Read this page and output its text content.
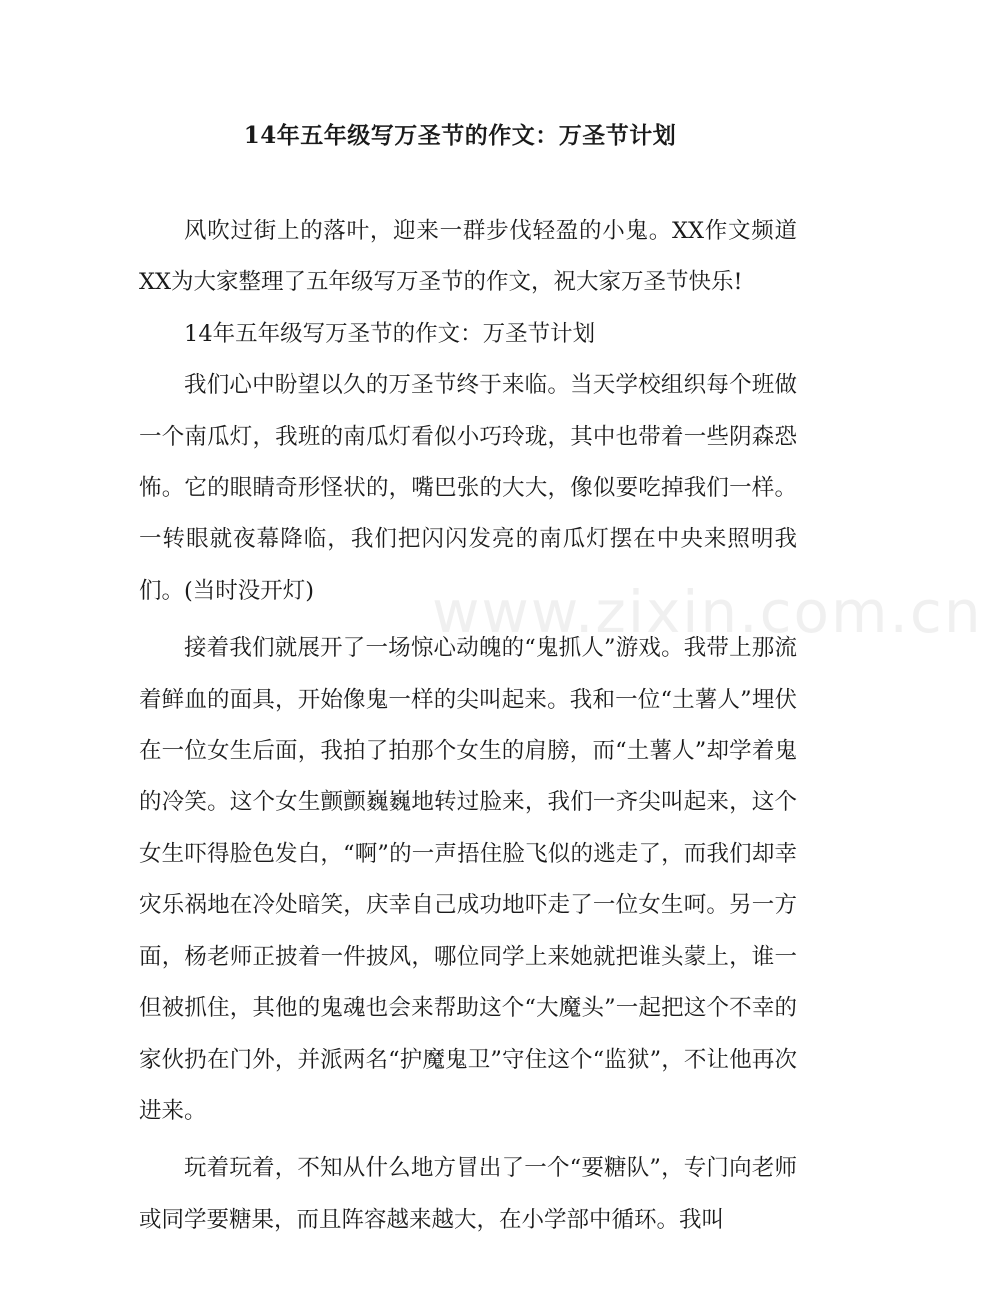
14年五年级写万圣节的作文：万圣节计划

风吹过街上的落叶，迎来一群步伐轻盈的小鬼。XX作文频道XX为大家整理了五年级写万圣节的作文，祝大家万圣节快乐!

14年五年级写万圣节的作文：万圣节计划

我们心中盼望以久的万圣节终于来临。当天学校组织每个班做一个南瓜灯，我班的南瓜灯看似小巧玲珑，其中也带着一些阴森恐怖。它的眼睛奇形怪状的，嘴巴张的大大，像似要吃掉我们一样。一转眼就夜幕降临，我们把闪闪发亮的南瓜灯摆在中央来照明我们。(当时没开灯)

接着我们就展开了一场惊心动魄的“鬼抓人”游戏。我带上那流着鲜血的面具，开始像鬼一样的尖叫起来。我和一位“土薯人”埋伏在一位女生后面，我拍了拍那个女生的肩膀，而“土薯人”却学着鬼的冷笑。这个女生颤颤巍巍地转过脸来，我们一齐尖叫起来，这个女生吓得脸色发白，“啊”的一声捂住脸飞似的逃走了，而我们却幸灾乐祸地在冷处暗笑，庆幸自己成功地吓走了一位女生呵。另一方面，杨老师正披着一件披风，哪位同学上来她就把谁头蒙上，谁一但被抓住，其他的鬼魂也会来帮助这个“大魔头”一起把这个不幸的家伙扔在门外，并派两名“护魔鬼卫”守住这个“监狱”，不让他再次进来。

玩着玩着，不知从什么地方冒出了一个“要糖队”，专门向老师或同学要糖果，而且阵容越来越大，在小学部中循环。我叫

www.zixin.com.cn
